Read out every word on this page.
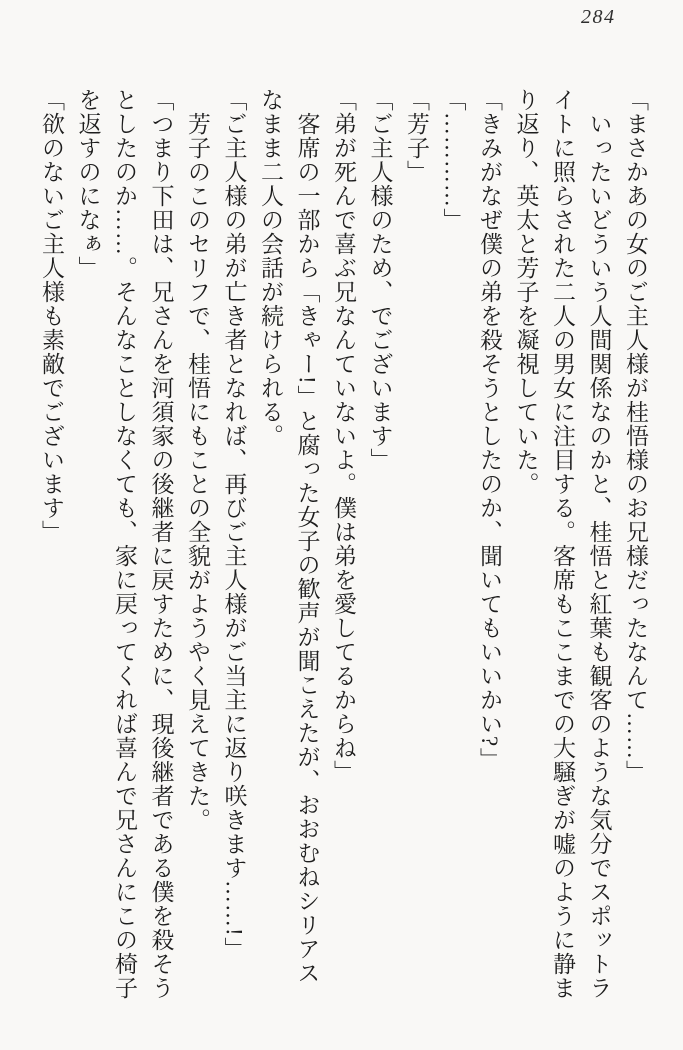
284

「まさかあの女のご主人様が桂悟様のお兄様だったなんて……」

　いったいどういう人間関係なのかと、桂悟と紅葉も観客のような気分でスポットラ

イトに照らされた二人の男女に注目する。客席もここまでの大騒ぎが嘘のように静ま

り返り、英太と芳子を凝視していた。

「きみがなぜ僕の弟を殺そうとしたのか、聞いてもいいかい?」

「…………」

「芳子」

「ご主人様のため、でございます」

「弟が死んで喜ぶ兄なんていないよ。僕は弟を愛してるからね」

　客席の一部から「きゃー!」と腐った女子の歓声が聞こえたが、おおむねシリアス

なまま二人の会話が続けられる。

「ご主人様の弟が亡き者となれば、再びご主人様がご当主に返り咲きます……!」

　芳子のこのセリフで、桂悟にもことの全貌がようやく見えてきた。

「つまり下田は、兄さんを河須家の後継者に戻すために、現後継者である僕を殺そう

としたのか……。そんなことしなくても、家に戻ってくれば喜んで兄さんにこの椅子

を返すのになぁ」

「欲のないご主人様も素敵でございます」
